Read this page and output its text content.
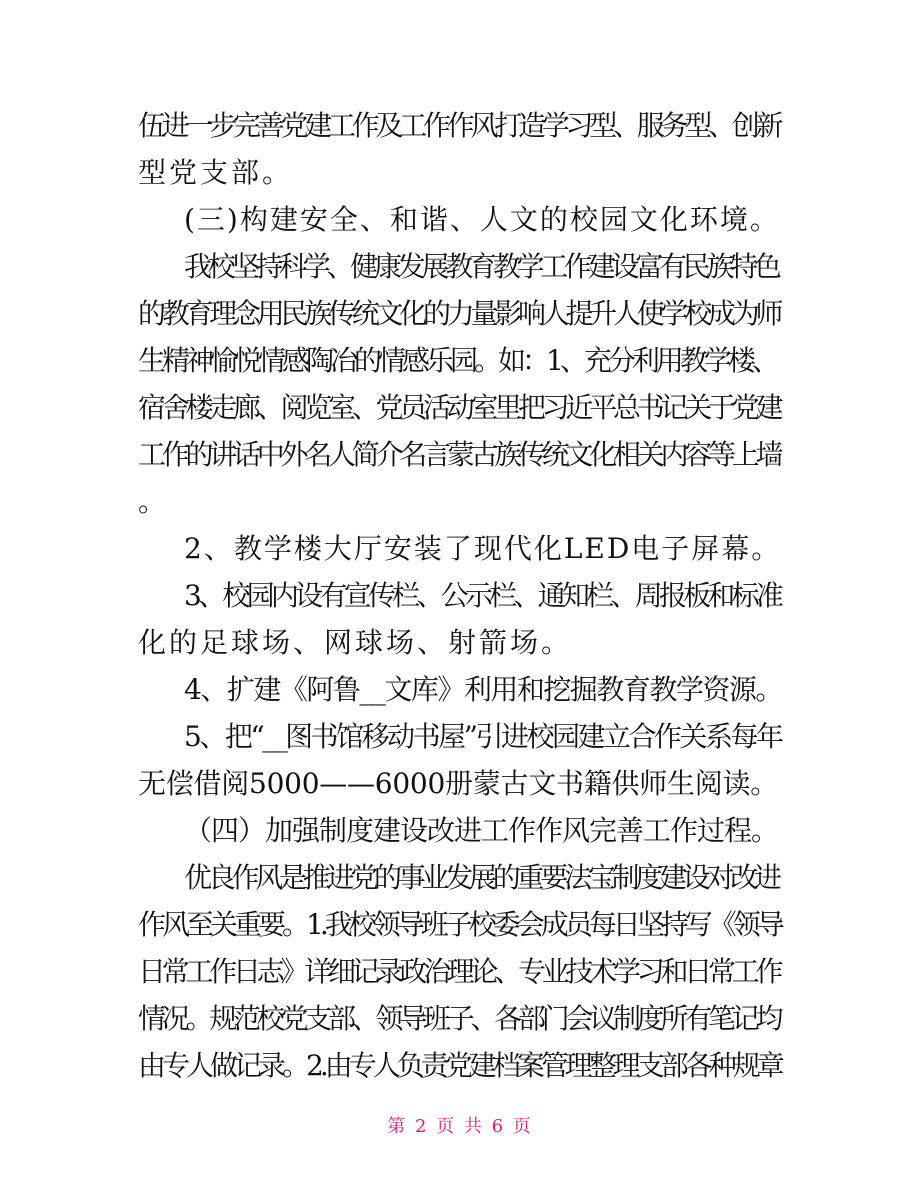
伍进一步完善党建工作及工作作风打造学习型、服务型、创新
型党支部。
(三)构建安全、和谐、人文的校园文化环境。
我校坚持科学、健康发展教育教学工作建设富有民族特色
的教育理念用民族传统文化的力量影响人提升人使学校成为师
生精神愉悦情感陶冶的情感乐园。如：1、充分利用教学楼、
宿舍楼走廊、阅览室、党员活动室里把习近平总书记关于党建
工作的讲话中外名人简介名言蒙古族传统文化相关内容等上墙
。
2、教学楼大厅安装了现代化LED电子屏幕。
3、校园内设有宣传栏、公示栏、通知栏、周报板和标准
化的足球场、网球场、射箭场。
4、扩建《阿鲁__文库》利用和挖掘教育教学资源。
5、把“__图书馆移动书屋”引进校园建立合作关系每年
无偿借阅5000——6000册蒙古文书籍供师生阅读。
（四）加强制度建设改进工作作风完善工作过程。
优良作风是推进党的事业发展的重要法宝制度建设对改进
作风至关重要。1.我校领导班子校委会成员每日坚持写《领导
日常工作日志》详细记录政治理论、专业技术学习和日常工作
情况。规范校党支部、领导班子、各部门会议制度所有笔记均
由专人做记录。2.由专人负责党建档案管理整理支部各种规章
第 2 页 共 6 页
